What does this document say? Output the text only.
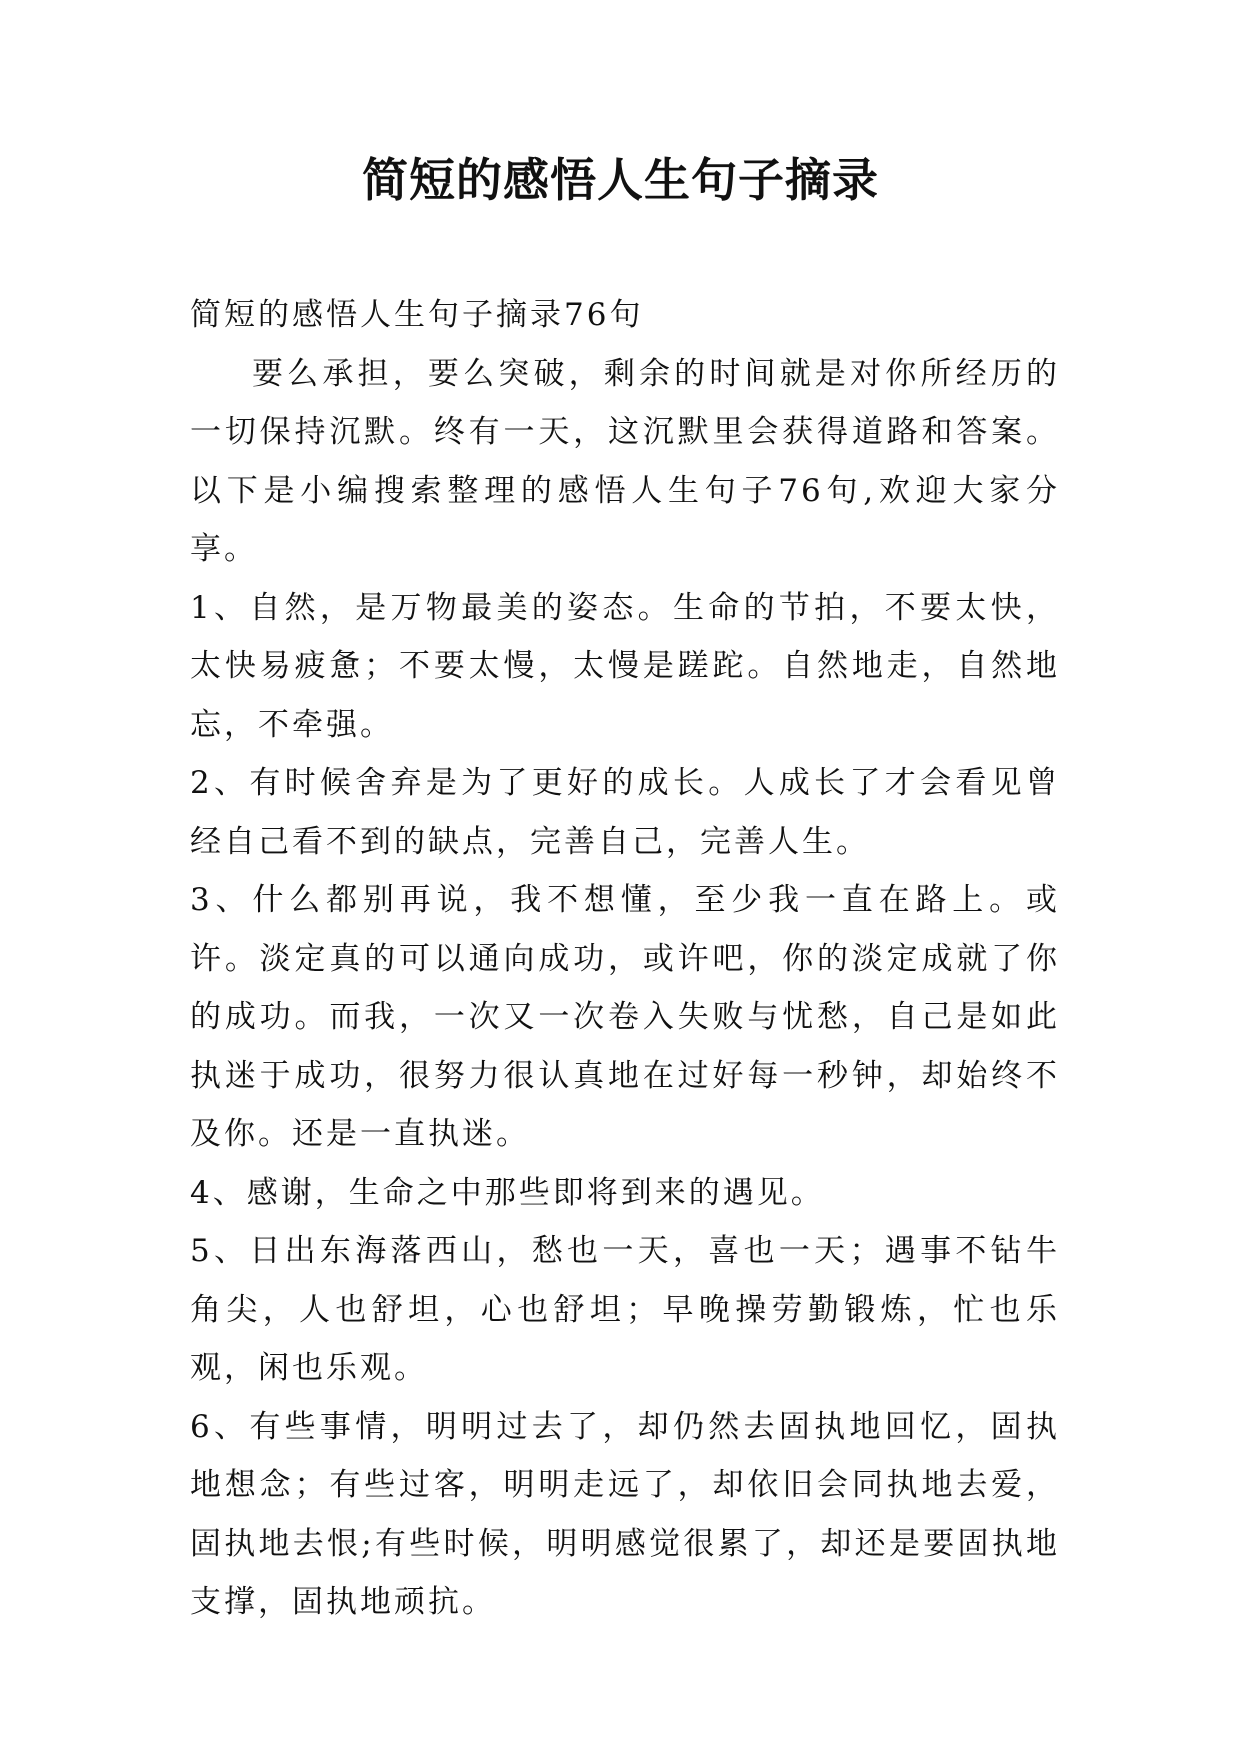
简短的感悟人生句子摘录

简短的感悟人生句子摘录76句

要么承担，要么突破，剩余的时间就是对你所经历的一切保持沉默。终有一天，这沉默里会获得道路和答案。以下是小编搜索整理的感悟人生句子76句,欢迎大家分享。

1、自然，是万物最美的姿态。生命的节拍，不要太快，太快易疲惫；不要太慢，太慢是蹉跎。自然地走，自然地忘，不牵强。

2、有时候舍弃是为了更好的成长。人成长了才会看见曾经自己看不到的缺点，完善自己，完善人生。

3、什么都别再说，我不想懂，至少我一直在路上。或许。淡定真的可以通向成功，或许吧，你的淡定成就了你的成功。而我，一次又一次卷入失败与忧愁，自己是如此执迷于成功，很努力很认真地在过好每一秒钟，却始终不及你。还是一直执迷。

4、感谢，生命之中那些即将到来的遇见。

5、日出东海落西山，愁也一天，喜也一天；遇事不钻牛角尖，人也舒坦，心也舒坦；早晚操劳勤锻炼，忙也乐观，闲也乐观。

6、有些事情，明明过去了，却仍然去固执地回忆，固执地想念；有些过客，明明走远了，却依旧会同执地去爱，固执地去恨;有些时候，明明感觉很累了，却还是要固执地支撑，固执地顽抗。
